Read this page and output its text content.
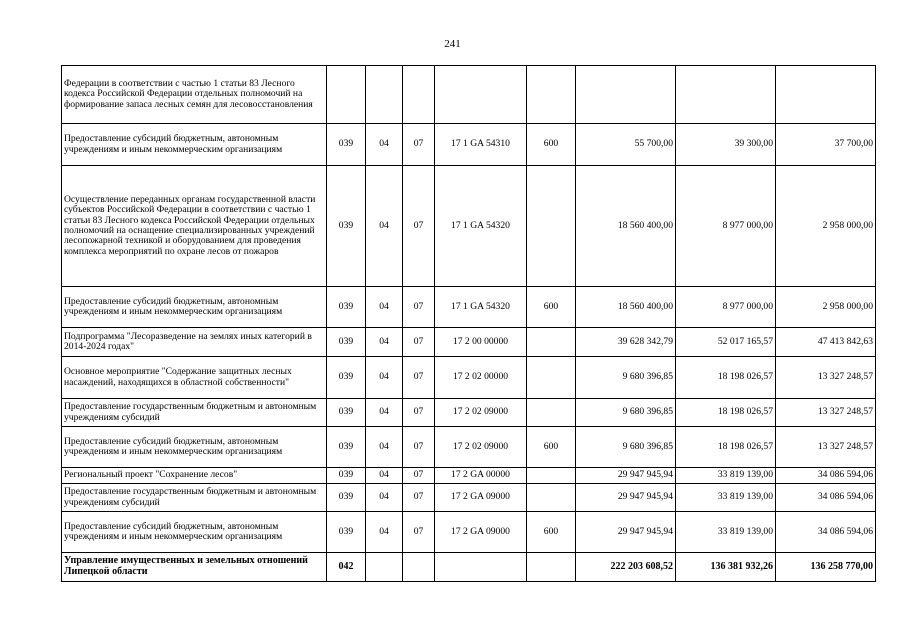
241
Федерации в соответствии с частью 1 статьи 83 Лесного кодекса Российской Федерации отдельных полномочий на формирование запаса лесных семян для лесовосстановления								
Предоставление субсидий бюджетным, автономным учреждениям и иным некоммерческим организациям	039	04	07	17 1 GA 54310	600	55 700,00	39 300,00	37 700,00
Осуществление переданных органам государственной власти субъектов Российской Федерации в соответствии с частью 1 статьи 83 Лесного кодекса Российской Федерации отдельных полномочий на оснащение специализированных учреждений лесопожарной техникой и оборудованием для проведения комплекса мероприятий по охране лесов от пожаров	039	04	07	17 1 GA 54320		18 560 400,00	8 977 000,00	2 958 000,00
Предоставление субсидий бюджетным, автономным учреждениям и иным некоммерческим организациям	039	04	07	17 1 GA 54320	600	18 560 400,00	8 977 000,00	2 958 000,00
Подпрограмма "Лесоразведение на землях иных категорий в 2014-2024 годах"	039	04	07	17 2 00 00000		39 628 342,79	52 017 165,57	47 413 842,63
Основное мероприятие "Содержание защитных лесных насаждений, находящихся в областной собственности"	039	04	07	17 2 02 00000		9 680 396,85	18 198 026,57	13 327 248,57
Предоставление государственным бюджетным и автономным учреждениям субсидий	039	04	07	17 2 02 09000		9 680 396,85	18 198 026,57	13 327 248,57
Предоставление субсидий бюджетным, автономным учреждениям и иным некоммерческим организациям	039	04	07	17 2 02 09000	600	9 680 396,85	18 198 026,57	13 327 248,57
Региональный проект "Сохранение лесов"	039	04	07	17 2 GA 00000		29 947 945,94	33 819 139,00	34 086 594,06
Предоставление государственным бюджетным и автономным учреждениям субсидий	039	04	07	17 2 GA 09000		29 947 945,94	33 819 139,00	34 086 594,06
Предоставление субсидий бюджетным, автономным учреждениям и иным некоммерческим организациям	039	04	07	17 2 GA 09000	600	29 947 945,94	33 819 139,00	34 086 594,06
Управление имущественных и земельных отношений Липецкой области	042					222 203 608,52	136 381 932,26	136 258 770,00
